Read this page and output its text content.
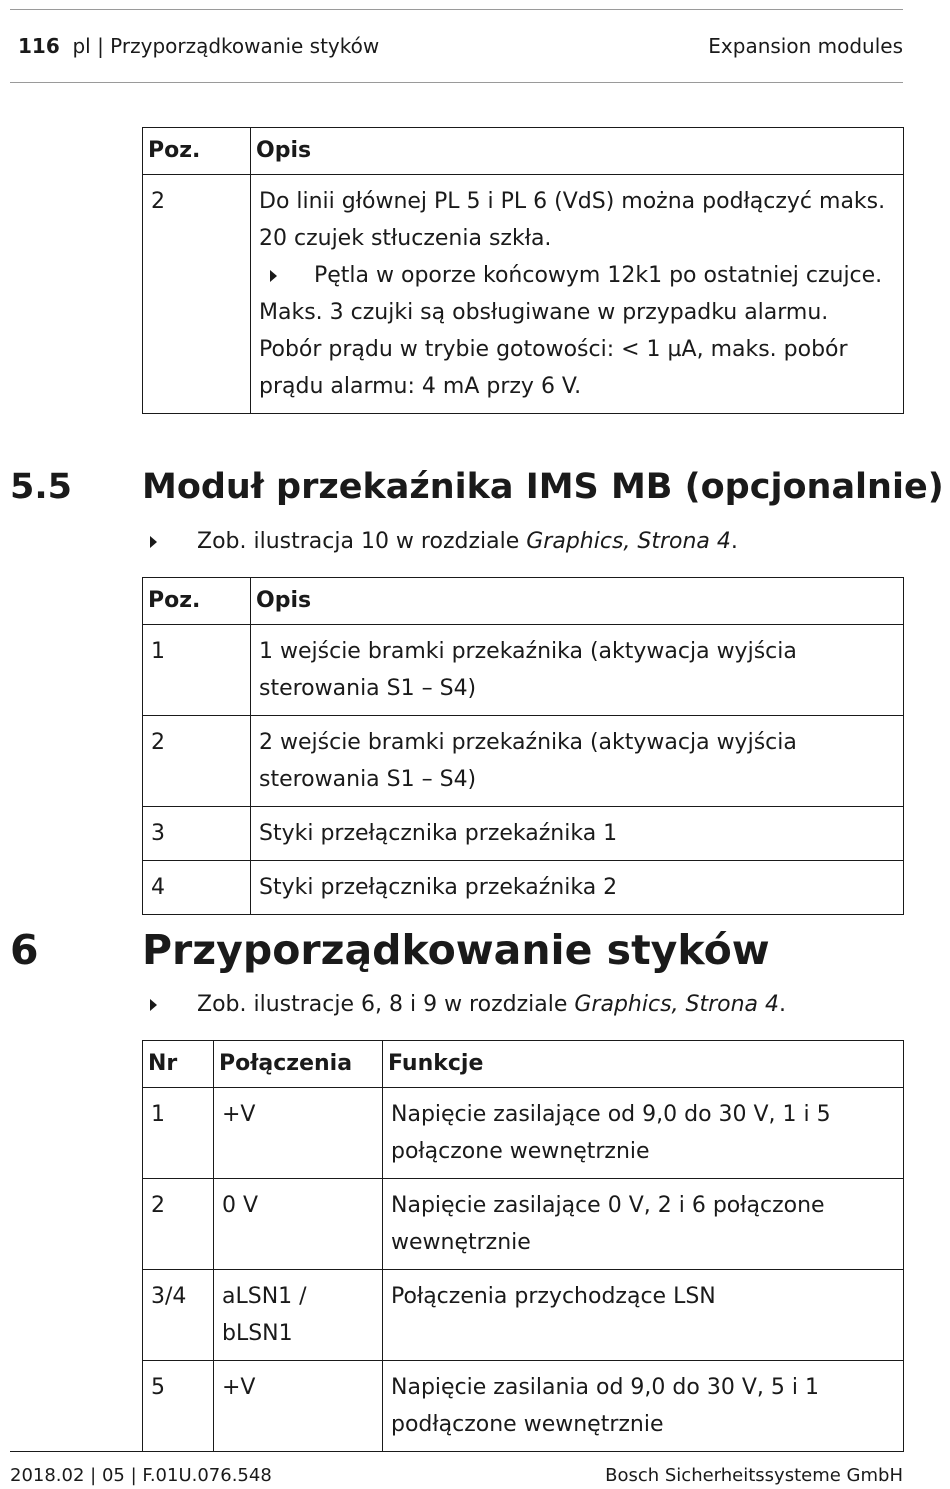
116 pl | Przyporządkowanie styków	Expansion modules
Poz.	Opis
2	Do linii głównej PL 5 i PL 6 (VdS) można podłączyć maks. 20 czujek stłuczenia szkła.
Pętla w oporze końcowym 12k1 po ostatniej czujce.
Maks. 3 czujki są obsługiwane w przypadku alarmu.
Pobór prądu w trybie gotowości: < 1 µA, maks. pobór prądu alarmu: 4 mA przy 6 V.
5.5 Moduł przekaźnika IMS MB (opcjonalnie)
Zob. ilustracja 10 w rozdziale Graphics, Strona 4.
Poz.	Opis
1	1 wejście bramki przekaźnika (aktywacja wyjścia sterowania S1 – S4)
2	2 wejście bramki przekaźnika (aktywacja wyjścia sterowania S1 – S4)
3	Styki przełącznika przekaźnika 1
4	Styki przełącznika przekaźnika 2
6	Przyporządkowanie styków
Zob. ilustracje 6, 8 i 9 w rozdziale Graphics, Strona 4.
Nr	Połączenia	Funkcje
1	+V	Napięcie zasilające od 9,0 do 30 V, 1 i 5 połączone wewnętrznie
2	0 V	Napięcie zasilające 0 V, 2 i 6 połączone wewnętrznie
3/4	aLSN1 / bLSN1	Połączenia przychodzące LSN
5	+V	Napięcie zasilania od 9,0 do 30 V, 5 i 1 podłączone wewnętrznie
2018.02 | 05 | F.01U.076.548	Bosch Sicherheitssysteme GmbH
